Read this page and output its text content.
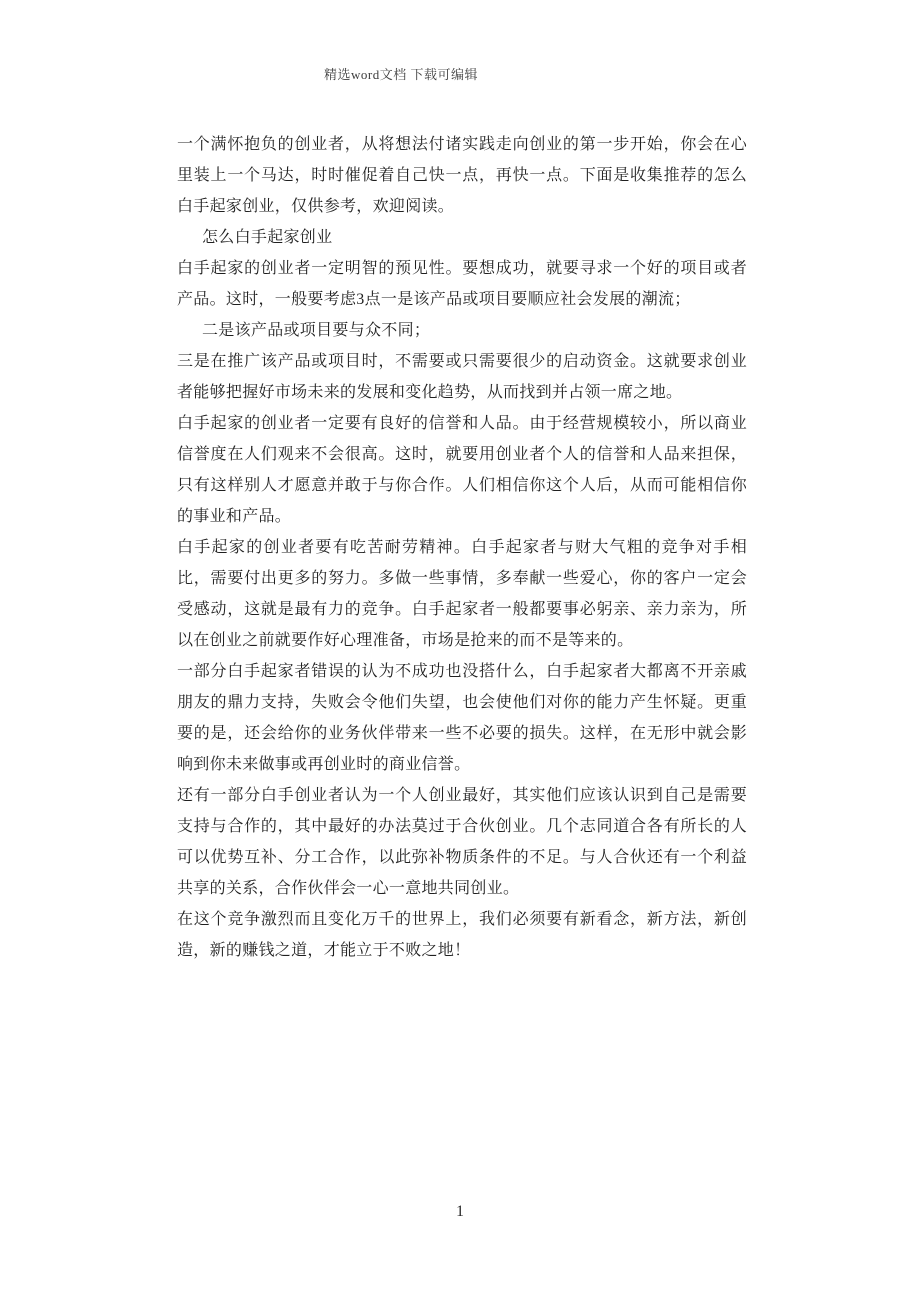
精选word文档 下载可编辑

一个满怀抱负的创业者，从将想法付诸实践走向创业的第一步开始，你会在心里装上一个马达，时时催促着自己快一点，再快一点。下面是收集推荐的怎么白手起家创业，仅供参考，欢迎阅读。

怎么白手起家创业

白手起家的创业者一定明智的预见性。要想成功，就要寻求一个好的项目或者产品。这时，一般要考虑3点一是该产品或项目要顺应社会发展的潮流；

二是该产品或项目要与众不同；

三是在推广该产品或项目时，不需要或只需要很少的启动资金。这就要求创业者能够把握好市场未来的发展和变化趋势，从而找到并占领一席之地。

白手起家的创业者一定要有良好的信誉和人品。由于经营规模较小，所以商业信誉度在人们观来不会很高。这时，就要用创业者个人的信誉和人品来担保，只有这样别人才愿意并敢于与你合作。人们相信你这个人后，从而可能相信你的事业和产品。

白手起家的创业者要有吃苦耐劳精神。白手起家者与财大气粗的竞争对手相比，需要付出更多的努力。多做一些事情，多奉献一些爱心，你的客户一定会受感动，这就是最有力的竞争。白手起家者一般都要事必躬亲、亲力亲为，所以在创业之前就要作好心理准备，市场是抢来的而不是等来的。

一部分白手起家者错误的认为不成功也没搭什么，白手起家者大都离不开亲戚朋友的鼎力支持，失败会令他们失望，也会使他们对你的能力产生怀疑。更重要的是，还会给你的业务伙伴带来一些不必要的损失。这样，在无形中就会影响到你未来做事或再创业时的商业信誉。

还有一部分白手创业者认为一个人创业最好，其实他们应该认识到自己是需要支持与合作的，其中最好的办法莫过于合伙创业。几个志同道合各有所长的人可以优势互补、分工合作，以此弥补物质条件的不足。与人合伙还有一个利益共享的关系，合作伙伴会一心一意地共同创业。

在这个竞争激烈而且变化万千的世界上，我们必须要有新看念，新方法，新创造，新的赚钱之道，才能立于不败之地！

1
